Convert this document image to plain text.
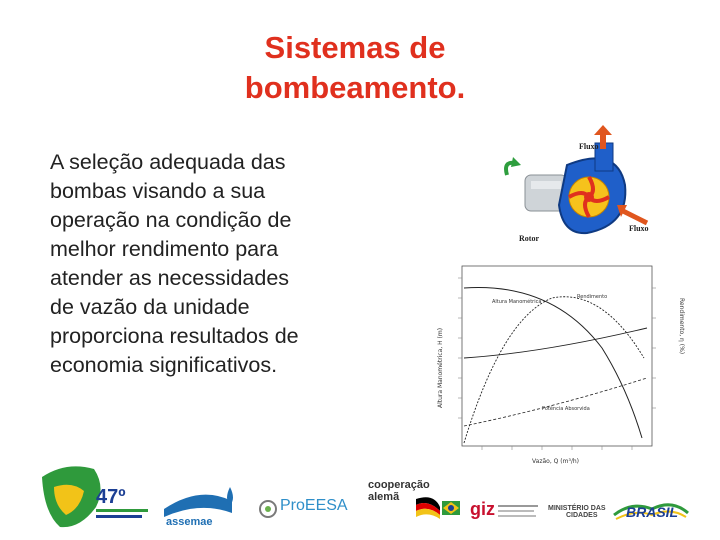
Sistemas de
bombeamento.
A seleção adequada das
bombas visando a sua
operação na condição de
melhor rendimento para
atender as necessidades
de vazão da unidade
proporciona resultados de
economia significativos.
Fluxo
Fluxo
Rotor
Altura Manométrica
Rendimento
Potência Absorvida
Altura Manométrica, H (m)
Rendimento, η (%)
Vazão, Q (m³/h)
47º
assemae
ProEESA
cooperação
alemã
giz	MINISTÉRIO DAS
CIDADES	BRASIL
